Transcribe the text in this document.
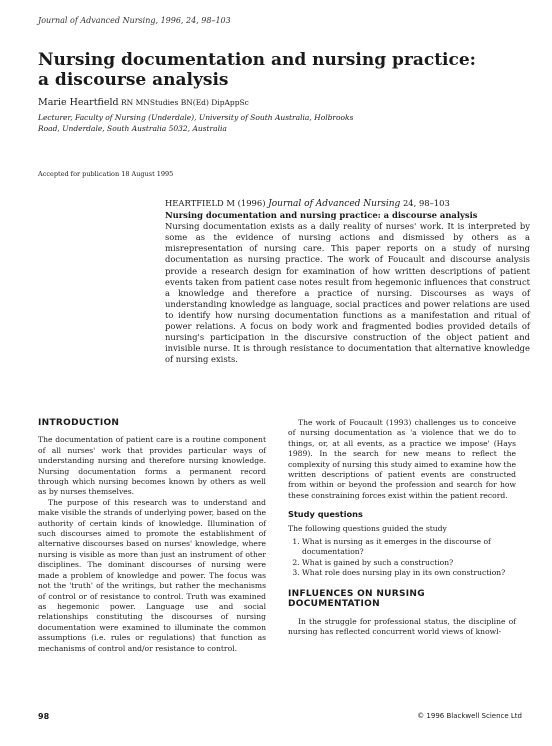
Journal of Advanced Nursing, 1996, 24, 98–103
Nursing documentation and nursing practice:
a discourse analysis
Marie Heartfield RN MNStudies BN(Ed) DipAppSc
Lecturer, Faculty of Nursing (Underdale), University of South Australia, Holbrooks
Road, Underdale, South Australia 5032, Australia
Accepted for publication 18 August 1995
HEARTFIELD M (1996) Journal of Advanced Nursing 24, 98–103
Nursing documentation and nursing practice: a discourse analysis

Nursing documentation exists as a daily reality of nurses' work. It is interpreted by some as the evidence of nursing actions and dismissed by others as a misrepresentation of nursing care. This paper reports on a study of nursing documentation as nursing practice. The work of Foucault and discourse analysis provide a research design for examination of how written descriptions of patient events taken from patient case notes result from hegemonic influences that construct a knowledge and therefore a practice of nursing. Discourses as ways of understanding knowledge as language, social practices and power relations are used to identify how nursing documentation functions as a manifestation and ritual of power relations. A focus on body work and fragmented bodies provided details of nursing's participation in the discursive construction of the object patient and invisible nurse. It is through resistance to documentation that alternative knowledge of nursing exists.

INTRODUCTION

The documentation of patient care is a routine component of all nurses' work that provides particular ways of understanding nursing and therefore nursing knowledge. Nursing documentation forms a permanent record through which nursing becomes known by others as well as by nurses themselves.

The purpose of this research was to understand and make visible the strands of underlying power, based on the authority of certain kinds of knowledge. Illumination of such discourses aimed to promote the establishment of alternative discourses based on nurses' knowledge, where nursing is visible as more than just an instrument of other disciplines. The dominant discourses of nursing were made a problem of knowledge and power. The focus was not the 'truth' of the writings, but rather the mechanisms of control or of resistance to control. Truth was examined as hegemonic power. Language use and social relationships constituting the discourses of nursing documentation were examined to illuminate the common assumptions (i.e. rules or regulations) that function as mechanisms of control and/or resistance to control.

The work of Foucault (1993) challenges us to conceive of nursing documentation as 'a violence that we do to things, or, at all events, as a practice we impose' (Hays 1989). In the search for new means to reflect the complexity of nursing this study aimed to examine how the written descriptions of patient events are constructed from within or beyond the profession and search for how these constraining forces exist within the patient record.

Study questions

The following questions guided the study

1. What is nursing as it emerges in the discourse of documentation?
2. What is gained by such a construction?
3. What role does nursing play in its own construction?
INFLUENCES ON NURSING
DOCUMENTATION

In the struggle for professional status, the discipline of nursing has reflected concurrent world views of knowl-

98	© 1996 Blackwell Science Ltd
